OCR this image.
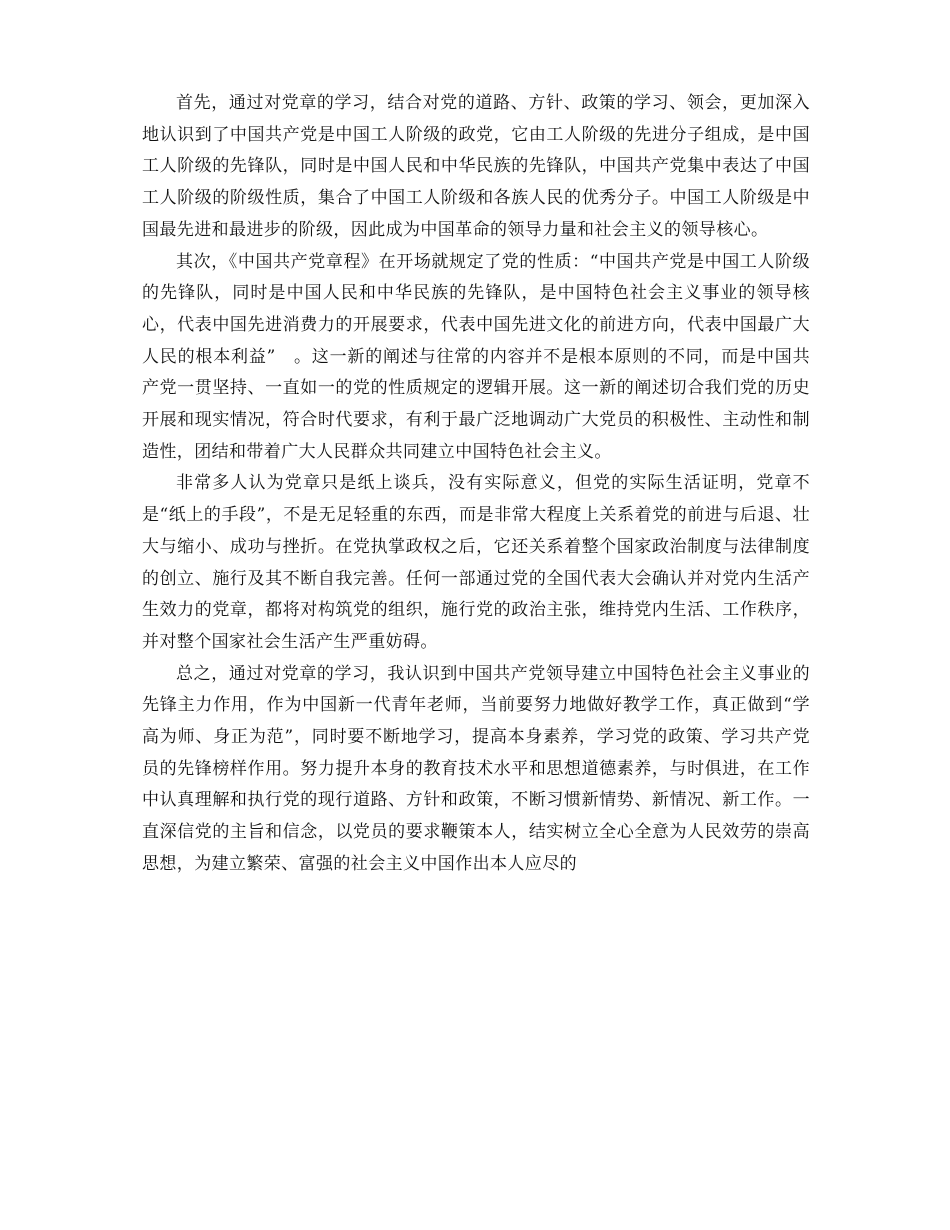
首先，通过对党章的学习，结合对党的道路、方针、政策的学习、领会，更加深入地认识到了中国共产党是中国工人阶级的政党，它由工人阶级的先进分子组成，是中国工人阶级的先锋队，同时是中国人民和中华民族的先锋队，中国共产党集中表达了中国工人阶级的阶级性质，集合了中国工人阶级和各族人民的优秀分子。中国工人阶级是中国最先进和最进步的阶级，因此成为中国革命的领导力量和社会主义的领导核心。

其次，《中国共产党章程》在开场就规定了党的性质：“中国共产党是中国工人阶级的先锋队，同时是中国人民和中华民族的先锋队，是中国特色社会主义事业的领导核心，代表中国先进消费力的开展要求，代表中国先进文化的前进方向，代表中国最广大人民的根本利益”　。这一新的阐述与往常的内容并不是根本原则的不同，而是中国共产党一贯坚持、一直如一的党的性质规定的逻辑开展。这一新的阐述切合我们党的历史开展和现实情况，符合时代要求，有利于最广泛地调动广大党员的积极性、主动性和制造性，团结和带着广大人民群众共同建立中国特色社会主义。

非常多人认为党章只是纸上谈兵，没有实际意义，但党的实际生活证明，党章不是“纸上的手段”，不是无足轻重的东西，而是非常大程度上关系着党的前进与后退、壮大与缩小、成功与挫折。在党执掌政权之后，它还关系着整个国家政治制度与法律制度的创立、施行及其不断自我完善。任何一部通过党的全国代表大会确认并对党内生活产生效力的党章，都将对构筑党的组织，施行党的政治主张，维持党内生活、工作秩序，并对整个国家社会生活产生严重妨碍。

总之，通过对党章的学习，我认识到中国共产党领导建立中国特色社会主义事业的先锋主力作用，作为中国新一代青年老师，当前要努力地做好教学工作，真正做到“学高为师、身正为范”，同时要不断地学习，提高本身素养，学习党的政策、学习共产党员的先锋榜样作用。努力提升本身的教育技术水平和思想道德素养，与时俱进，在工作中认真理解和执行党的现行道路、方针和政策，不断习惯新情势、新情况、新工作。一直深信党的主旨和信念，以党员的要求鞭策本人，结实树立全心全意为人民效劳的崇高思想，为建立繁荣、富强的社会主义中国作出本人应尽的
